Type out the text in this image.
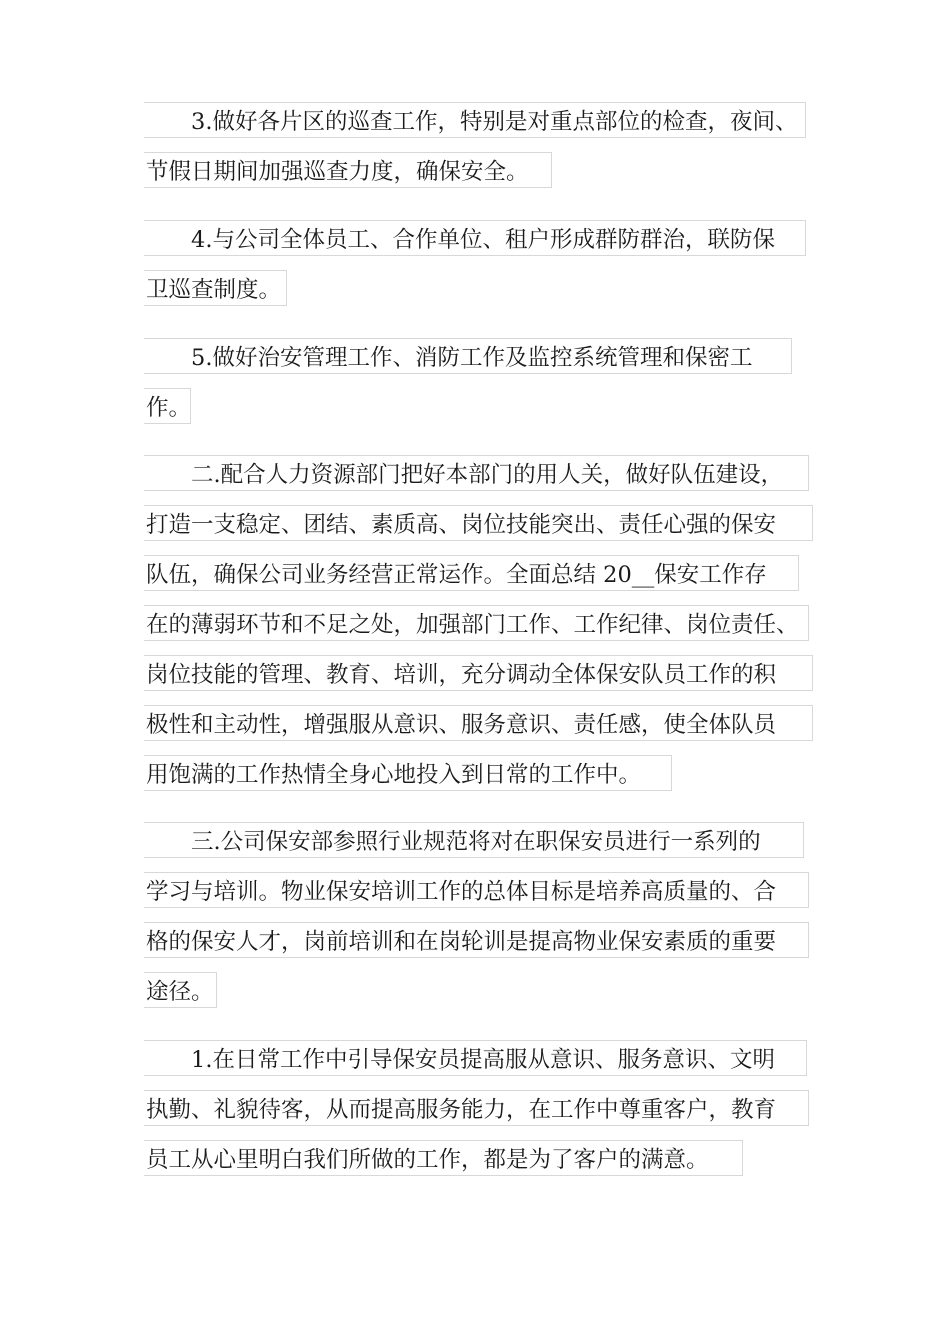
3.做好各片区的巡查工作，特别是对重点部位的检查，夜间、
节假日期间加强巡查力度，确保安全。
4.与公司全体员工、合作单位、租户形成群防群治，联防保
卫巡查制度。
5.做好治安管理工作、消防工作及监控系统管理和保密工
作。
二.配合人力资源部门把好本部门的用人关，做好队伍建设，
打造一支稳定、团结、素质高、岗位技能突出、责任心强的保安
队伍，确保公司业务经营正常运作。全面总结 20__保安工作存
在的薄弱环节和不足之处，加强部门工作、工作纪律、岗位责任、
岗位技能的管理、教育、培训，充分调动全体保安队员工作的积
极性和主动性，增强服从意识、服务意识、责任感，使全体队员
用饱满的工作热情全身心地投入到日常的工作中。
三.公司保安部参照行业规范将对在职保安员进行一系列的
学习与培训。物业保安培训工作的总体目标是培养高质量的、合
格的保安人才，岗前培训和在岗轮训是提高物业保安素质的重要
途径。
1.在日常工作中引导保安员提高服从意识、服务意识、文明
执勤、礼貌待客，从而提高服务能力，在工作中尊重客户，教育
员工从心里明白我们所做的工作，都是为了客户的满意。
